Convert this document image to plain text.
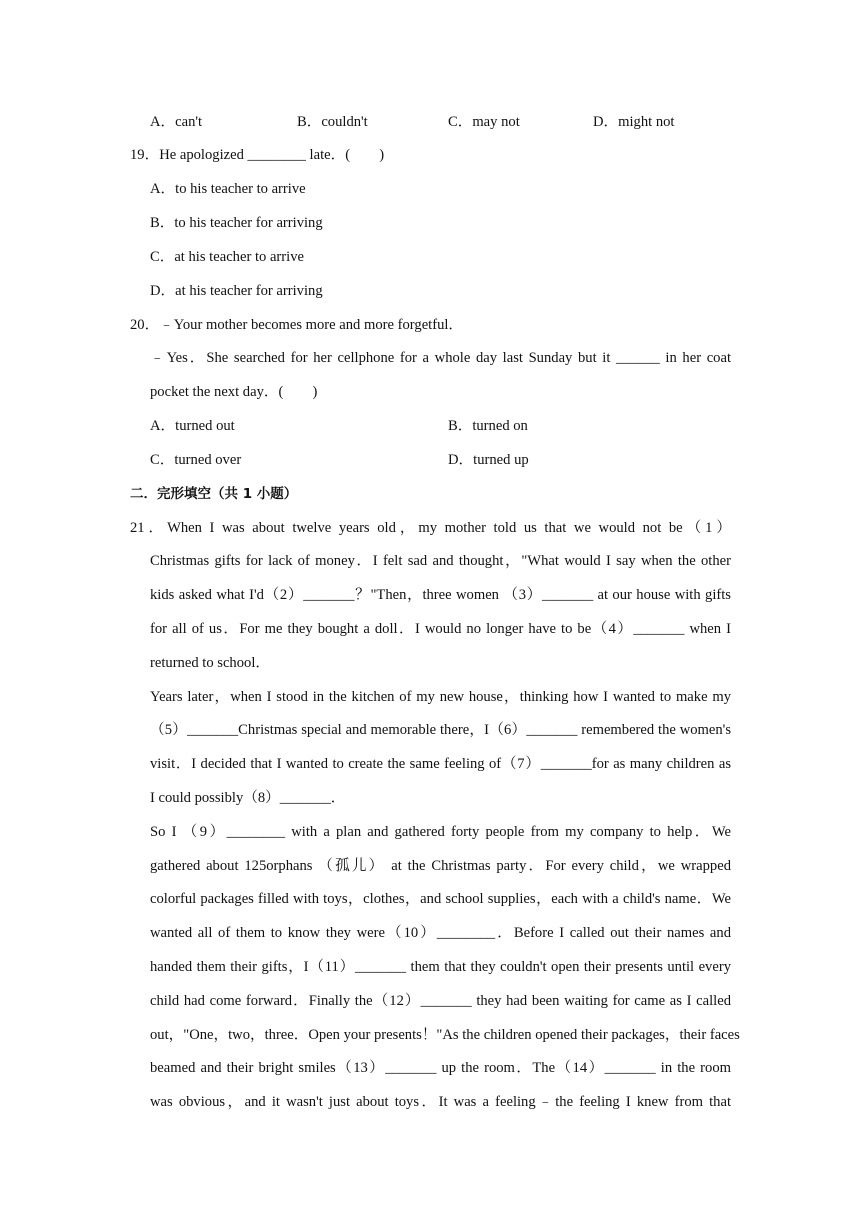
A．can't	B．couldn't	C．may not	D．might not
19．He apologized ________ late．(　　)
A．to his teacher to arrive
B．to his teacher for arriving
C．at his teacher to arrive
D．at his teacher for arriving
20．﹣Your mother becomes more and more forgetful．
﹣Yes．She searched for her cellphone for a whole day last Sunday but it ______ in her coat
pocket the next day．(　　)
A．turned out	B．turned on
C．turned over	D．turned up
二．完形填空（共 1 小题）
21．When I was about twelve years old，my mother told us that we would not be（1）
Christmas gifts for lack of money．I felt sad and thought，"What would I say when the other
kids asked what I'd（2）_______？"Then，three women （3）_______ at our house with gifts
for all of us．For me they bought a doll．I would no longer have to be（4）_______ when I
returned to school．
Years later，when I stood in the kitchen of my new house，thinking how I wanted to make my
（5）_______Christmas special and memorable there，I（6）_______ remembered the women's
visit．I decided that I wanted to create the same feeling of（7）_______for as many children as
I could possibly（8）_______．
So I （9）________ with a plan and gathered forty people from my company to help．We
gathered about 125orphans （孤儿） at the Christmas party．For every child，we wrapped
colorful packages filled with toys，clothes，and school supplies，each with a child's name．We
wanted all of them to know they were（10）________．Before I called out their names and
handed them their gifts，I（11）_______ them that they couldn't open their presents until every
child had come forward．Finally the（12）_______ they had been waiting for came as I called
out，"One，two，three．Open your presents！"As the children opened their packages，their faces
beamed and their bright smiles（13）_______ up the room．The（14）_______ in the room
was obvious，and it wasn't just about toys．It was a feeling﹣the feeling I knew from that
